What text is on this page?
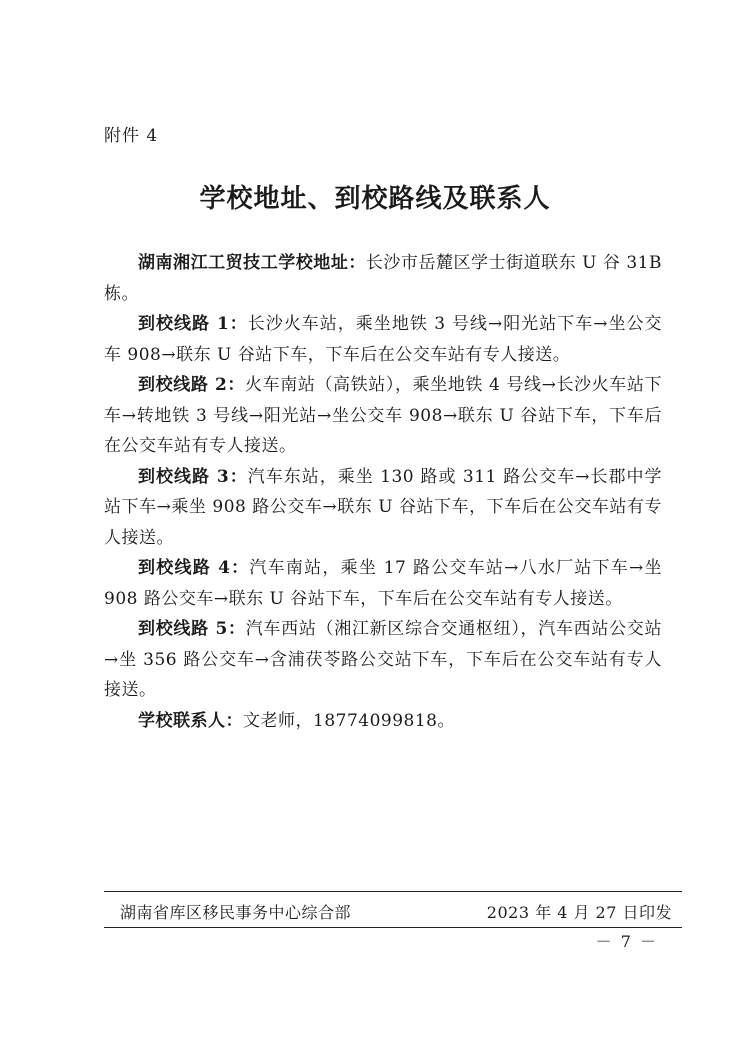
附件 4
学校地址、到校路线及联系人

湖南湘江工贸技工学校地址：长沙市岳麓区学士街道联东 U 谷 31B 栋。

到校线路 1：长沙火车站，乘坐地铁 3 号线→阳光站下车→坐公交车 908→联东 U 谷站下车，下车后在公交车站有专人接送。

到校线路 2：火车南站（高铁站），乘坐地铁 4 号线→长沙火车站下车→转地铁 3 号线→阳光站→坐公交车 908→联东 U 谷站下车，下车后在公交车站有专人接送。

到校线路 3：汽车东站，乘坐 130 路或 311 路公交车→长郡中学站下车→乘坐 908 路公交车→联东 U 谷站下车，下车后在公交车站有专人接送。

到校线路 4：汽车南站，乘坐 17 路公交车站→八水厂站下车→坐 908 路公交车→联东 U 谷站下车，下车后在公交车站有专人接送。

到校线路 5：汽车西站（湘江新区综合交通枢纽），汽车西站公交站→坐 356 路公交车→含浦茯苓路公交站下车，下车后在公交车站有专人接送。

学校联系人：文老师，18774099818。

湖南省库区移民事务中心综合部	2023 年 4 月 27 日印发
－ 7 －
